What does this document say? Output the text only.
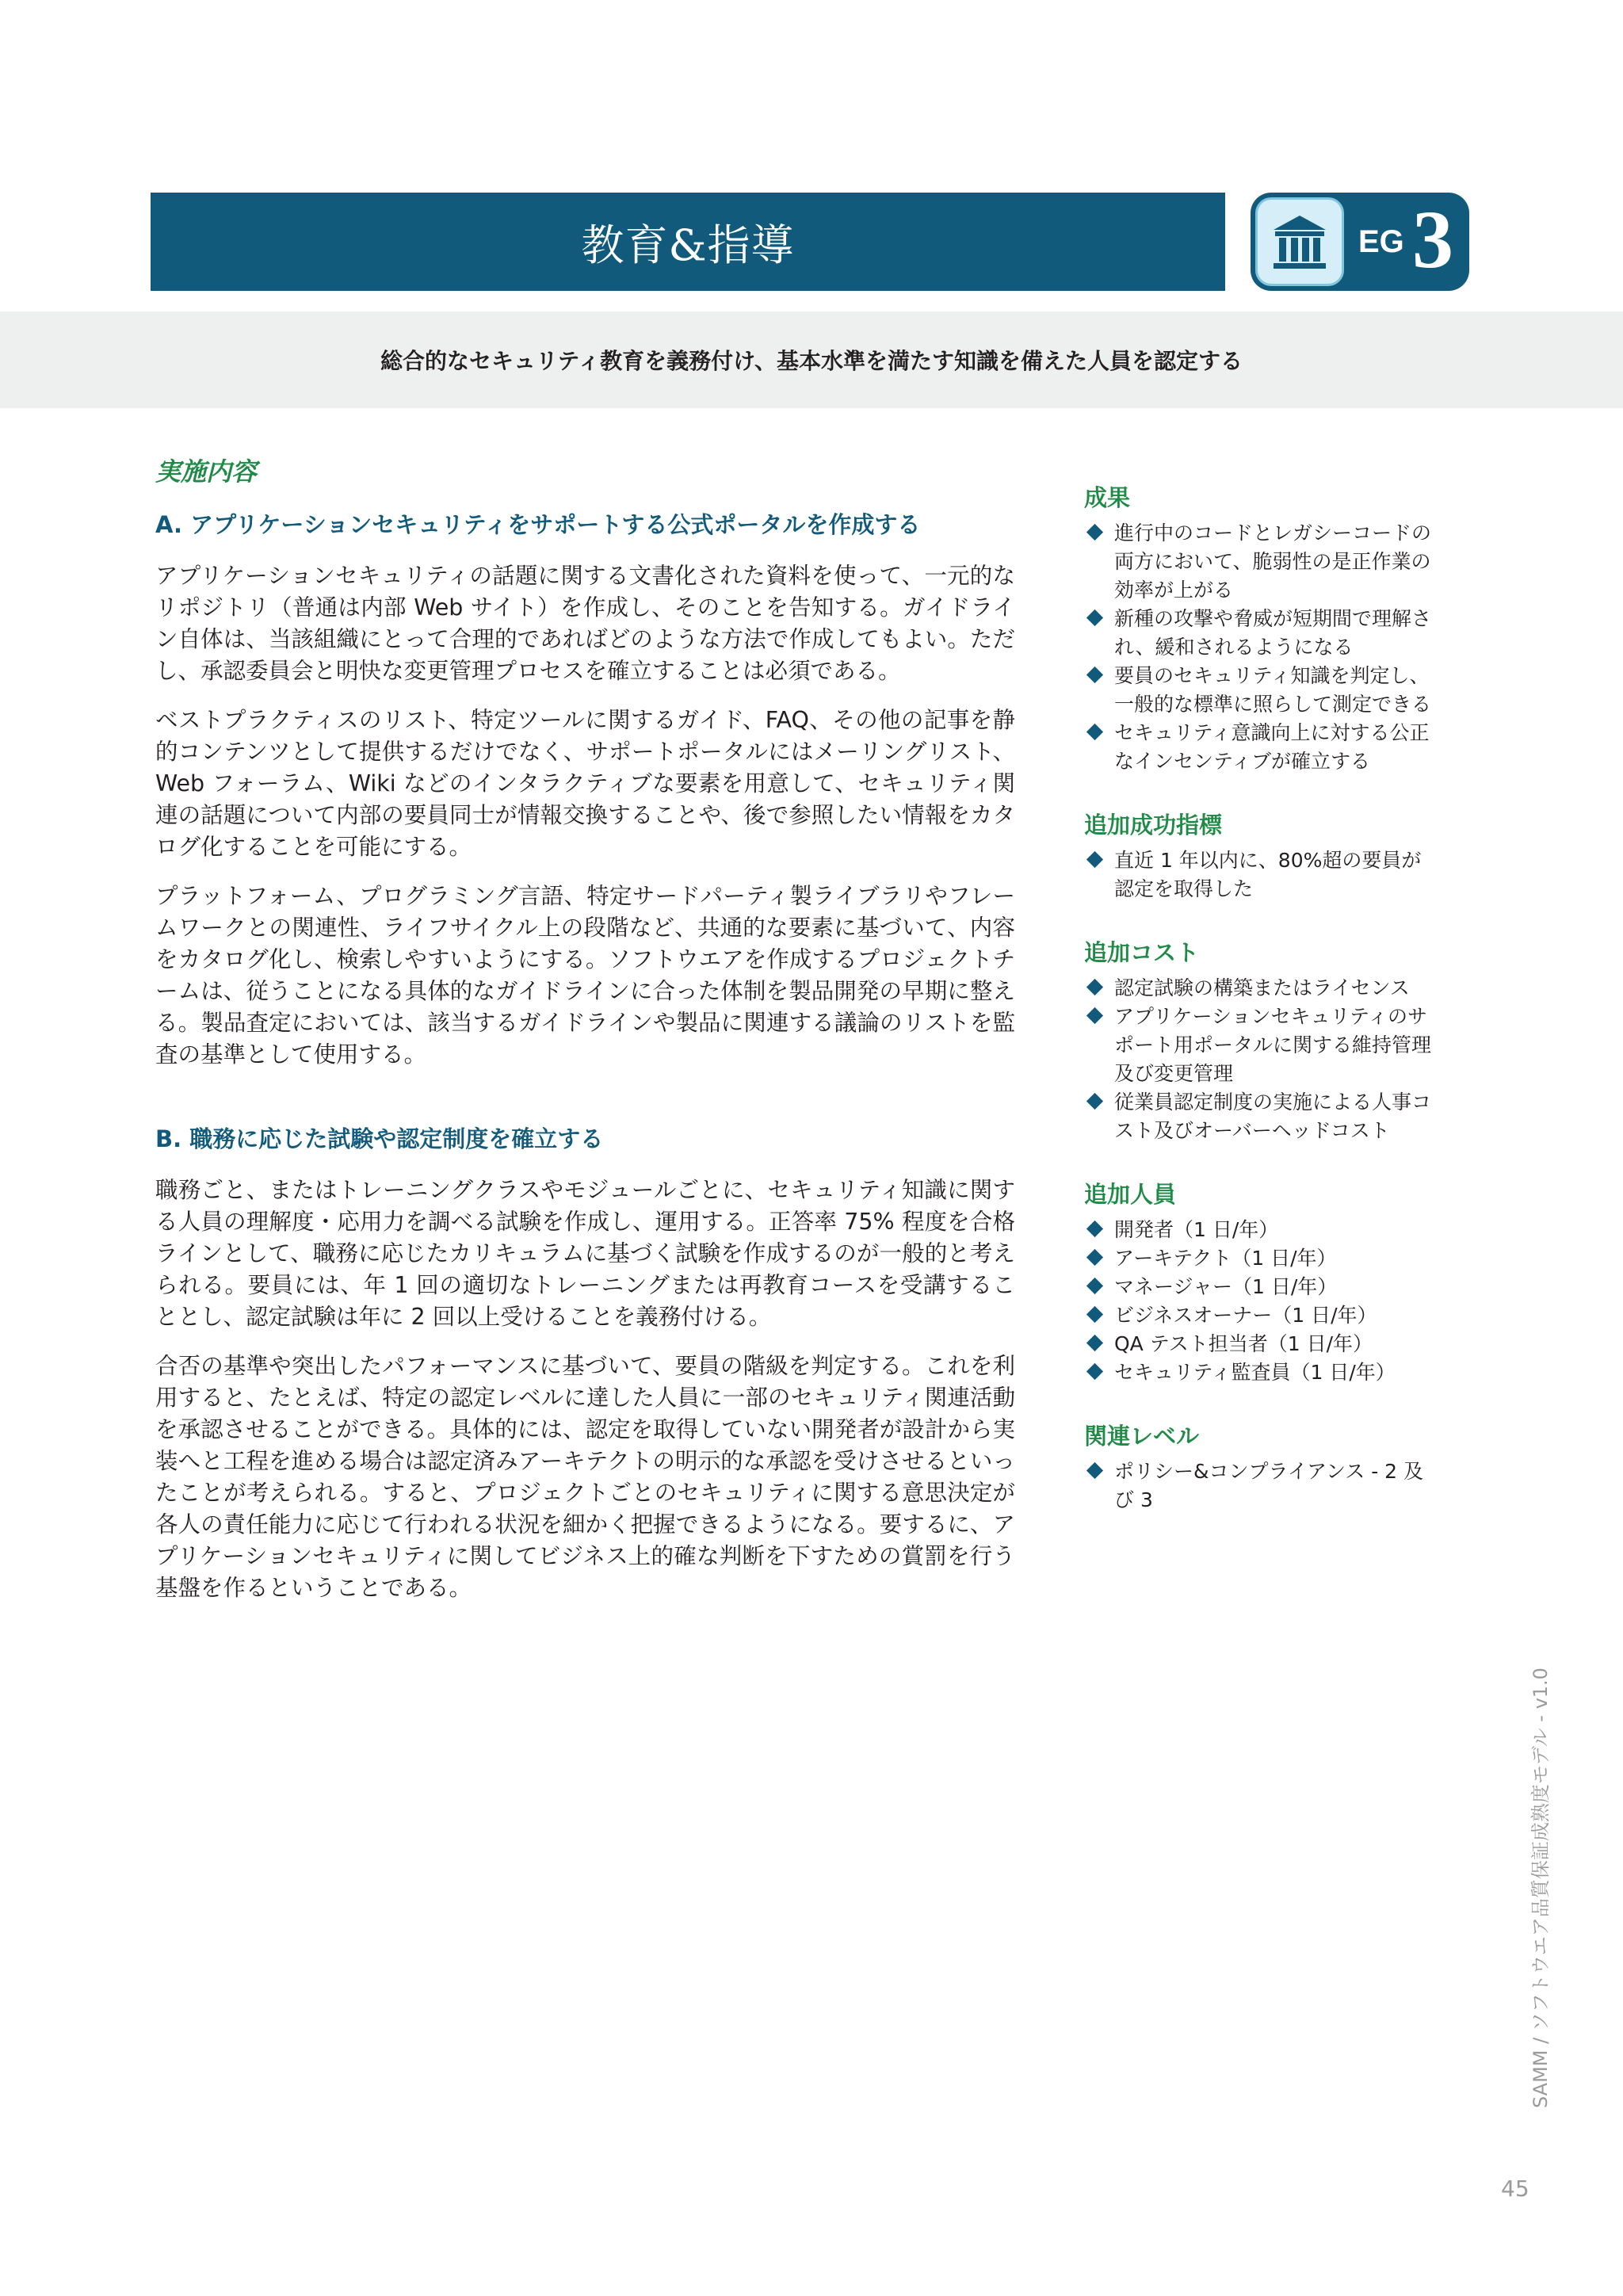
教育&指導	EG 3
総合的なセキュリティ教育を義務付け、基本水準を満たす知識を備えた人員を認定する
実施内容
A. アプリケーションセキュリティをサポートする公式ポータルを作成する

アプリケーションセキュリティの話題に関する文書化された資料を使って、一元的なリポジトリ（普通は内部 Web サイト）を作成し、そのことを告知する。ガイドライン自体は、当該組織にとって合理的であればどのような方法で作成してもよい。ただし、承認委員会と明快な変更管理プロセスを確立することは必須である。

ベストプラクティスのリスト、特定ツールに関するガイド、FAQ、その他の記事を静的コンテンツとして提供するだけでなく、サポートポータルにはメーリングリスト、Web フォーラム、Wiki などのインタラクティブな要素を用意して、セキュリティ関連の話題について内部の要員同士が情報交換することや、後で参照したい情報をカタログ化することを可能にする。

プラットフォーム、プログラミング言語、特定サードパーティ製ライブラリやフレームワークとの関連性、ライフサイクル上の段階など、共通的な要素に基づいて、内容をカタログ化し、検索しやすいようにする。ソフトウエアを作成するプロジェクトチームは、従うことになる具体的なガイドラインに合った体制を製品開発の早期に整える。製品査定においては、該当するガイドラインや製品に関連する議論のリストを監査の基準として使用する。

B. 職務に応じた試験や認定制度を確立する

職務ごと、またはトレーニングクラスやモジュールごとに、セキュリティ知識に関する人員の理解度・応用力を調べる試験を作成し、運用する。正答率 75% 程度を合格ラインとして、職務に応じたカリキュラムに基づく試験を作成するのが一般的と考えられる。要員には、年 1 回の適切なトレーニングまたは再教育コースを受講することとし、認定試験は年に 2 回以上受けることを義務付ける。

合否の基準や突出したパフォーマンスに基づいて、要員の階級を判定する。これを利用すると、たとえば、特定の認定レベルに達した人員に一部のセキュリティ関連活動を承認させることができる。具体的には、認定を取得していない開発者が設計から実装へと工程を進める場合は認定済みアーキテクトの明示的な承認を受けさせるといったことが考えられる。すると、プロジェクトごとのセキュリティに関する意思決定が各人の責任能力に応じて行われる状況を細かく把握できるようになる。要するに、アプリケーションセキュリティに関してビジネス上的確な判断を下すための賞罰を行う基盤を作るということである。

成果
進行中のコードとレガシーコードの両方において、脆弱性の是正作業の効率が上がる
新種の攻撃や脅威が短期間で理解され、緩和されるようになる
要員のセキュリティ知識を判定し、一般的な標準に照らして測定できる
セキュリティ意識向上に対する公正なインセンティブが確立する
追加成功指標
直近 1 年以内に、80%超の要員が認定を取得した
追加コスト
認定試験の構築またはライセンス
アプリケーションセキュリティのサポート用ポータルに関する維持管理及び変更管理
従業員認定制度の実施による人事コスト及びオーバーヘッドコスト
追加人員
開発者（1 日/年）
アーキテクト（1 日/年）
マネージャー（1 日/年）
ビジネスオーナー（1 日/年）
QA テスト担当者（1 日/年）
セキュリティ監査員（1 日/年）
関連レベル
ポリシー&コンプライアンス - 2 及び 3
SAMM / ソフトウエア品質保証成熟度モデル - v1.0
45
